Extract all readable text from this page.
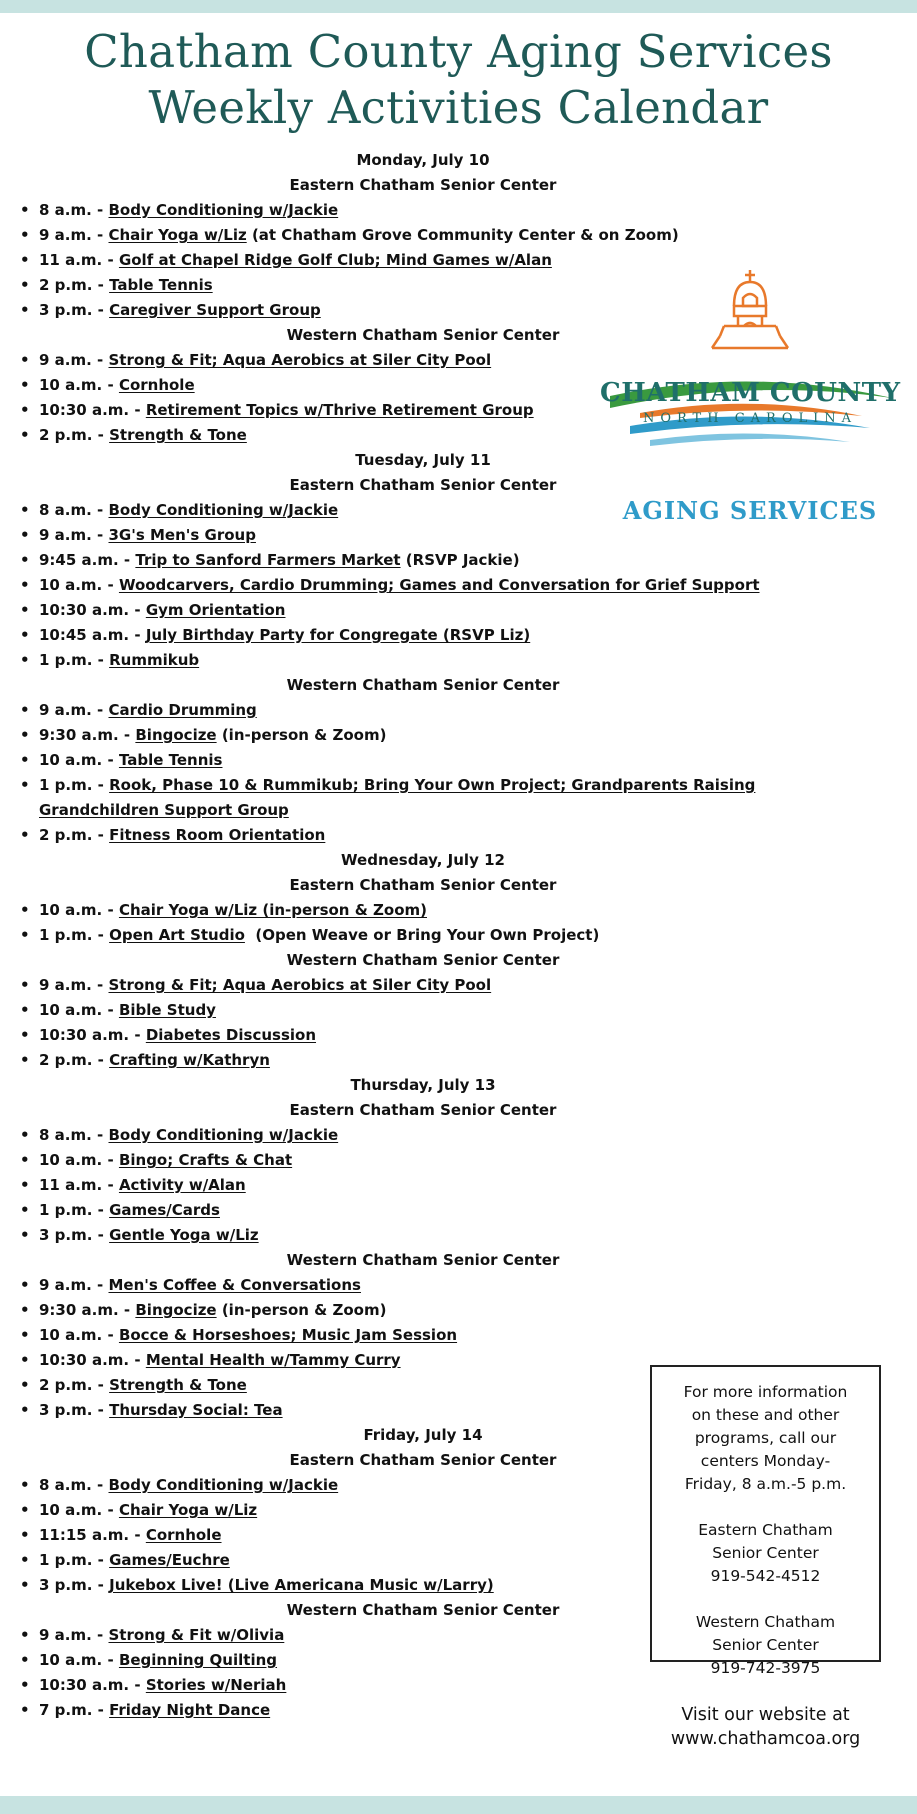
Chatham County Aging Services
Weekly Activities Calendar
Monday, July 10
Eastern Chatham Senior Center
• 8 a.m. - Body Conditioning w/Jackie
• 9 a.m. - Chair Yoga w/Liz (at Chatham Grove Community Center & on Zoom)
• 11 a.m. - Golf at Chapel Ridge Golf Club; Mind Games w/Alan
• 2 p.m. - Table Tennis
• 3 p.m. - Caregiver Support Group
Western Chatham Senior Center
• 9 a.m. - Strong & Fit; Aqua Aerobics at Siler City Pool
• 10 a.m. - Cornhole
• 10:30 a.m. - Retirement Topics w/Thrive Retirement Group
• 2 p.m. - Strength & Tone
Tuesday, July 11
Eastern Chatham Senior Center
• 8 a.m. - Body Conditioning w/Jackie
• 9 a.m. - 3G's Men's Group
• 9:45 a.m. - Trip to Sanford Farmers Market (RSVP Jackie)
• 10 a.m. - Woodcarvers, Cardio Drumming; Games and Conversation for Grief Support
• 10:30 a.m. - Gym Orientation
• 10:45 a.m. - July Birthday Party for Congregate (RSVP Liz)
• 1 p.m. - Rummikub
Western Chatham Senior Center
• 9 a.m. - Cardio Drumming
• 9:30 a.m. - Bingocize (in-person & Zoom)
• 10 a.m. - Table Tennis
• 1 p.m. - Rook, Phase 10 & Rummikub; Bring Your Own Project; Grandparents Raising
Grandchildren Support Group
• 2 p.m. - Fitness Room Orientation
Wednesday, July 12
Eastern Chatham Senior Center
• 10 a.m. - Chair Yoga w/Liz (in-person & Zoom)
• 1 p.m. - Open Art Studio  (Open Weave or Bring Your Own Project)
Western Chatham Senior Center
• 9 a.m. - Strong & Fit; Aqua Aerobics at Siler City Pool
• 10 a.m. - Bible Study
• 10:30 a.m. - Diabetes Discussion
• 2 p.m. - Crafting w/Kathryn
Thursday, July 13
Eastern Chatham Senior Center
• 8 a.m. - Body Conditioning w/Jackie
• 10 a.m. - Bingo; Crafts & Chat
• 11 a.m. - Activity w/Alan
• 1 p.m. - Games/Cards
• 3 p.m. - Gentle Yoga w/Liz
Western Chatham Senior Center
• 9 a.m. - Men's Coffee & Conversations
• 9:30 a.m. - Bingocize (in-person & Zoom)
• 10 a.m. - Bocce & Horseshoes; Music Jam Session
• 10:30 a.m. - Mental Health w/Tammy Curry
• 2 p.m. - Strength & Tone
• 3 p.m. - Thursday Social: Tea
Friday, July 14
Eastern Chatham Senior Center
• 8 a.m. - Body Conditioning w/Jackie
• 10 a.m. - Chair Yoga w/Liz
• 11:15 a.m. - Cornhole
• 1 p.m. - Games/Euchre
• 3 p.m. - Jukebox Live! (Live Americana Music w/Larry)
Western Chatham Senior Center
• 9 a.m. - Strong & Fit w/Olivia
• 10 a.m. - Beginning Quilting
• 10:30 a.m. - Stories w/Neriah
• 7 p.m. - Friday Night Dance
CHATHAM COUNTY
NORTH CAROLINA
AGING SERVICES

For more information

on these and other

programs, call our

centers Monday-

Friday, 8 a.m.-5 p.m.

Eastern Chatham

Senior Center

919-542-4512

Western Chatham

Senior Center

919-742-3975

Visit our website at

www.chathamcoa.org
